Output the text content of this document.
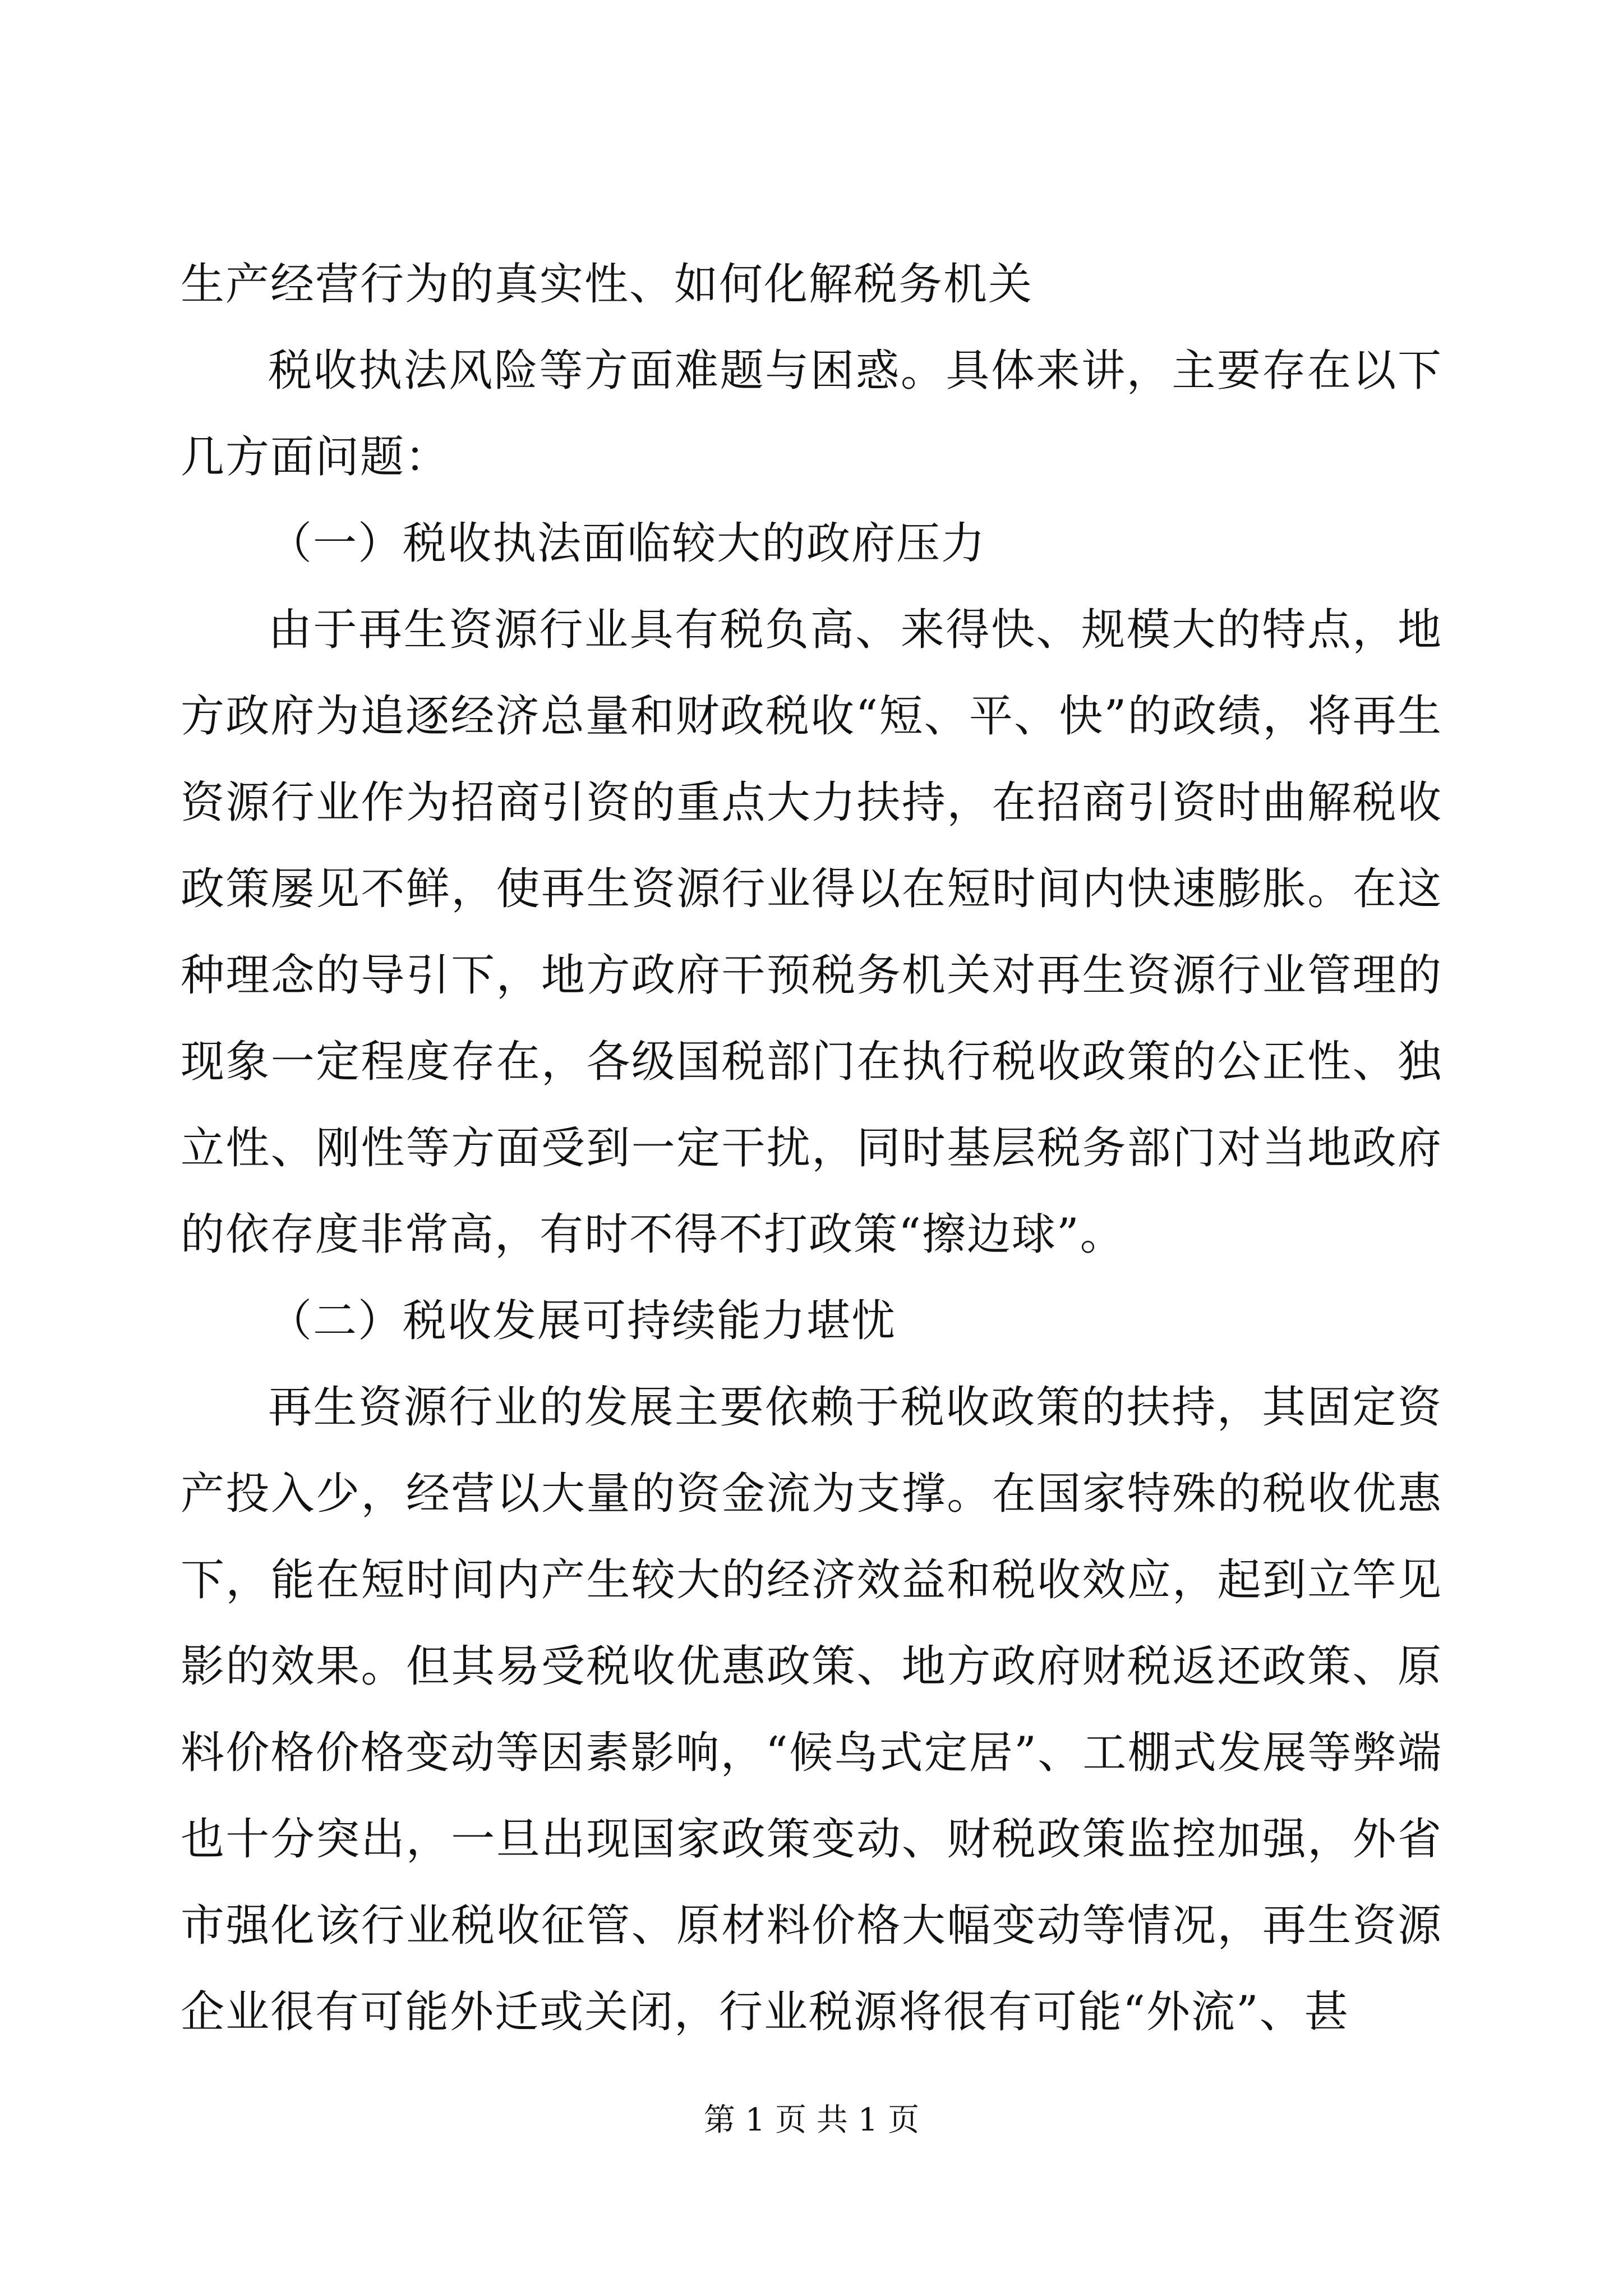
生产经营行为的真实性、如何化解税务机关

税收执法风险等方面难题与困惑。具体来讲，主要存在以下几方面问题：

（一）税收执法面临较大的政府压力

由于再生资源行业具有税负高、来得快、规模大的特点，地方政府为追逐经济总量和财政税收“短、平、快”的政绩，将再生资源行业作为招商引资的重点大力扶持，在招商引资时曲解税收政策屡见不鲜，使再生资源行业得以在短时间内快速膨胀。在这种理念的导引下，地方政府干预税务机关对再生资源行业管理的现象一定程度存在，各级国税部门在执行税收政策的公正性、独立性、刚性等方面受到一定干扰，同时基层税务部门对当地政府的依存度非常高，有时不得不打政策“擦边球”。

（二）税收发展可持续能力堪忧

再生资源行业的发展主要依赖于税收政策的扶持，其固定资产投入少，经营以大量的资金流为支撑。在国家特殊的税收优惠下，能在短时间内产生较大的经济效益和税收效应，起到立竿见影的效果。但其易受税收优惠政策、地方政府财税返还政策、原料价格价格变动等因素影响，“候鸟式定居”、工棚式发展等弊端也十分突出，一旦出现国家政策变动、财税政策监控加强，外省市强化该行业税收征管、原材料价格大幅变动等情况，再生资源企业很有可能外迁或关闭，行业税源将很有可能“外流”、甚

第 1 页 共 1 页
